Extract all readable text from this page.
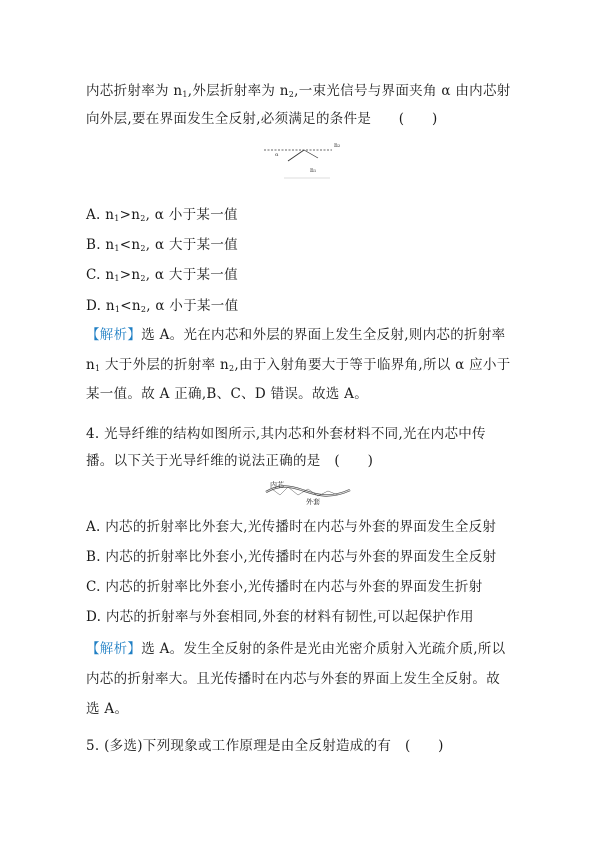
内芯折射率为 $n_1$,外层折射率为 $n_2$,一束光信号与界面夹角 α 由内芯射
向外层,要在界面发生全反射,必须满足的条件是　　(　　)
α
n₂
n₁
A. $n_1>n_2$, α 小于某一值
B. $n_1<n_2$, α 大于某一值
C. $n_1>n_2$, α 大于某一值
D. $n_1<n_2$, α 小于某一值
【解析】选 A。光在内芯和外层的界面上发生全反射,则内芯的折射率
$n_1$ 大于外层的折射率 $n_2$,由于入射角要大于等于临界角,所以 α 应小于
某一值。故 A 正确,B、C、D 错误。故选 A。
4. 光导纤维的结构如图所示,其内芯和外套材料不同,光在内芯中传
播。以下关于光导纤维的说法正确的是　(　　)
内芯
外套
A. 内芯的折射率比外套大,光传播时在内芯与外套的界面发生全反射
B. 内芯的折射率比外套小,光传播时在内芯与外套的界面发生全反射
C. 内芯的折射率比外套小,光传播时在内芯与外套的界面发生折射
D. 内芯的折射率与外套相同,外套的材料有韧性,可以起保护作用
【解析】选 A。发生全反射的条件是光由光密介质射入光疏介质,所以
内芯的折射率大。且光传播时在内芯与外套的界面上发生全反射。故
选 A。
5. (多选)下列现象或工作原理是由全反射造成的有　(　　)
